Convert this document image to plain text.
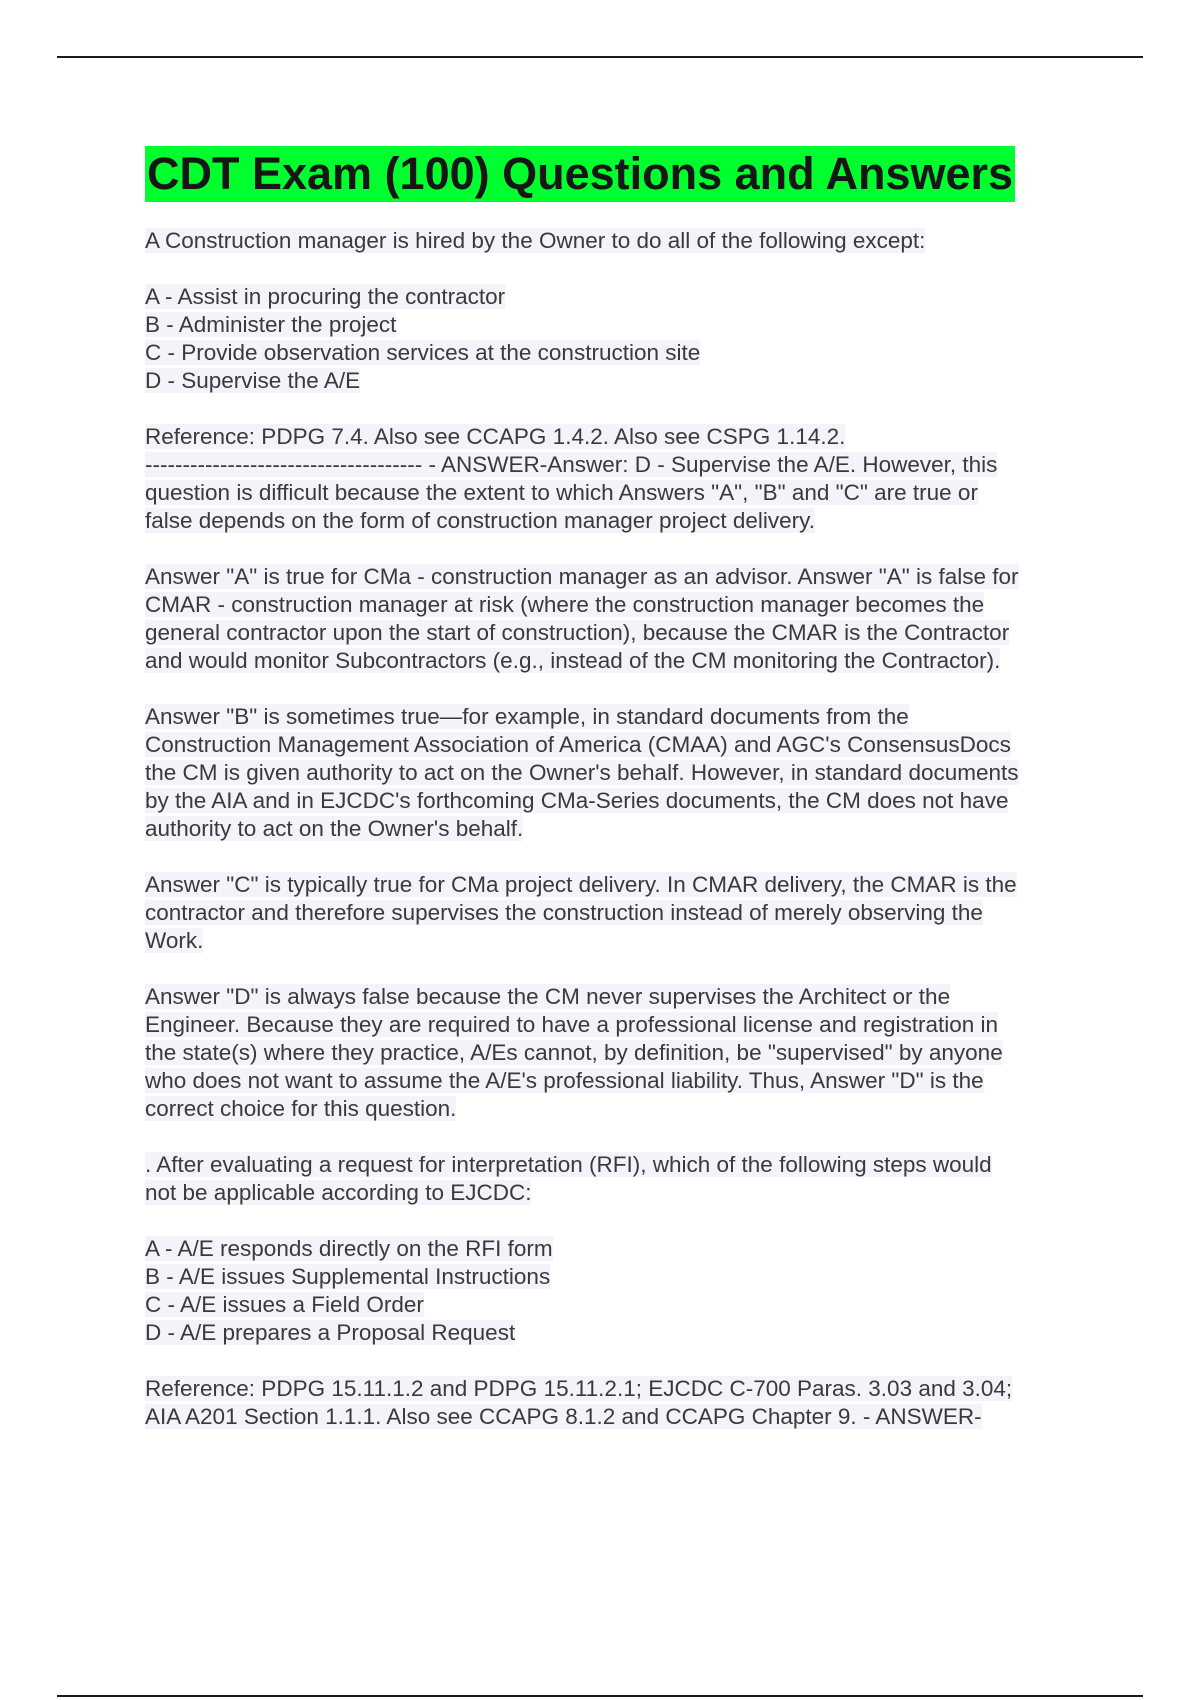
CDT Exam (100) Questions and Answers
A Construction manager is hired by the Owner to do all of the following except:
A - Assist in procuring the contractor
B - Administer the project
C - Provide observation services at the construction site
D - Supervise the A/E
Reference: PDPG 7.4. Also see CCAPG 1.4.2. Also see CSPG 1.14.2.
------------------------------------- - ANSWER-Answer: D - Supervise the A/E. However, this
question is difficult because the extent to which Answers "A", "B" and "C" are true or
false depends on the form of construction manager project delivery.
Answer "A" is true for CMa - construction manager as an advisor. Answer "A" is false for
CMAR - construction manager at risk (where the construction manager becomes the
general contractor upon the start of construction), because the CMAR is the Contractor
and would monitor Subcontractors (e.g., instead of the CM monitoring the Contractor).
Answer "B" is sometimes true—for example, in standard documents from the
Construction Management Association of America (CMAA) and AGC's ConsensusDocs
the CM is given authority to act on the Owner's behalf. However, in standard documents
by the AIA and in EJCDC's forthcoming CMa-Series documents, the CM does not have
authority to act on the Owner's behalf.
Answer "C" is typically true for CMa project delivery. In CMAR delivery, the CMAR is the
contractor and therefore supervises the construction instead of merely observing the
Work.
Answer "D" is always false because the CM never supervises the Architect or the
Engineer. Because they are required to have a professional license and registration in
the state(s) where they practice, A/Es cannot, by definition, be "supervised" by anyone
who does not want to assume the A/E's professional liability. Thus, Answer "D" is the
correct choice for this question.
. After evaluating a request for interpretation (RFI), which of the following steps would
not be applicable according to EJCDC:
A - A/E responds directly on the RFI form
B - A/E issues Supplemental Instructions
C - A/E issues a Field Order
D - A/E prepares a Proposal Request
Reference: PDPG 15.11.1.2 and PDPG 15.11.2.1; EJCDC C-700 Paras. 3.03 and 3.04;
AIA A201 Section 1.1.1. Also see CCAPG 8.1.2 and CCAPG Chapter 9. - ANSWER-
